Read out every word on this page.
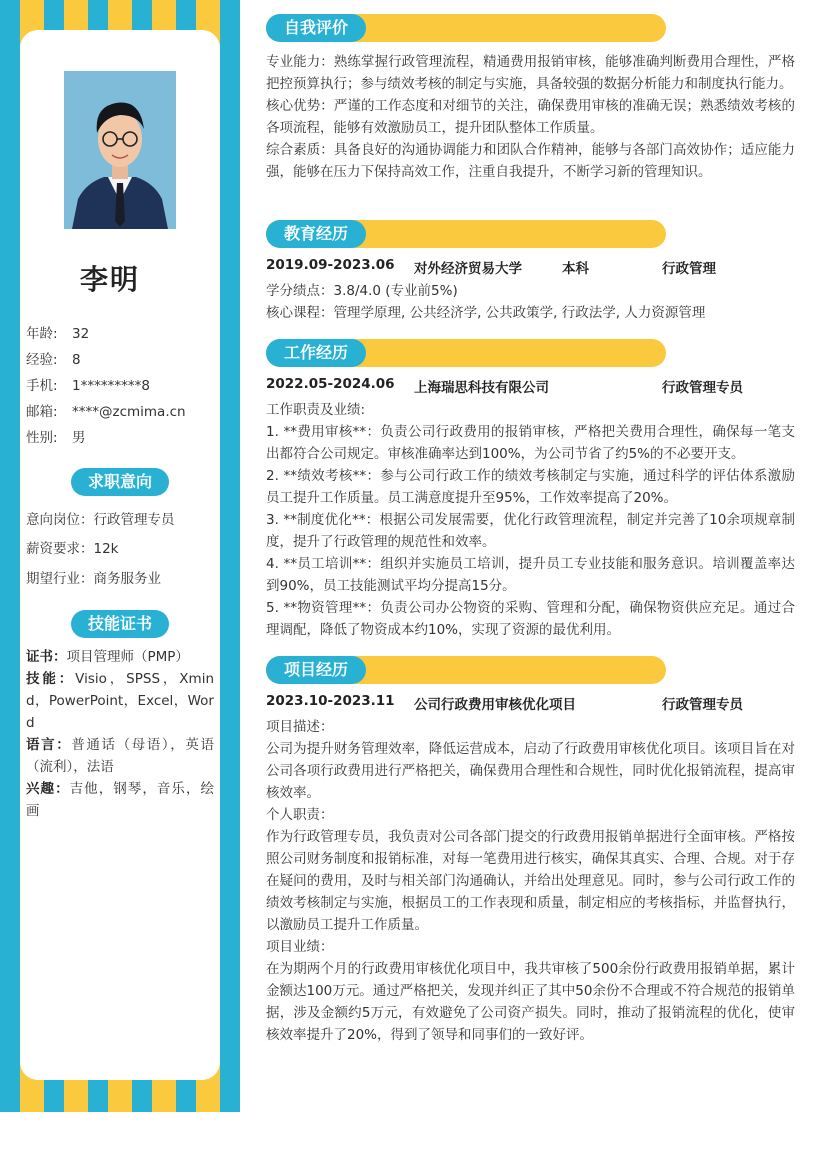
李明
年龄: 32
经验: 8
手机: 1*********8
邮箱: ****@zcmima.cn
性别: 男
求职意向
意向岗位：行政管理专员
薪资要求：12k
期望行业：商务服务业
技能证书
证书：项目管理师（PMP）
技能：Visio，SPSS，Xmind，PowerPoint，Excel，Word
语言：普通话（母语），英语（流利），法语
兴趣：吉他，钢琴，音乐，绘画
自我评价

专业能力：熟练掌握行政管理流程，精通费用报销审核，能够准确判断费用合理性，严格把控预算执行；参与绩效考核的制定与实施，具备较强的数据分析能力和制度执行能力。

核心优势：严谨的工作态度和对细节的关注，确保费用审核的准确无误；熟悉绩效考核的各项流程，能够有效激励员工，提升团队整体工作质量。

综合素质：具备良好的沟通协调能力和团队合作精神，能够与各部门高效协作；适应能力强，能够在压力下保持高效工作，注重自我提升，不断学习新的管理知识。

教育经历
2019.09-2023.06 对外经济贸易大学	本科	行政管理

学分绩点：3.8/4.0 (专业前5%)

核心课程：管理学原理, 公共经济学, 公共政策学, 行政法学, 人力资源管理

工作经历
2022.05-2024.06 上海瑞思科技有限公司	行政管理专员

工作职责及业绩:

1. **费用审核**：负责公司行政费用的报销审核，严格把关费用合理性，确保每一笔支出都符合公司规定。审核准确率达到100%，为公司节省了约5%的不必要开支。

2. **绩效考核**：参与公司行政工作的绩效考核制定与实施，通过科学的评估体系激励员工提升工作质量。员工满意度提升至95%，工作效率提高了20%。

3. **制度优化**：根据公司发展需要，优化行政管理流程，制定并完善了10余项规章制度，提升了行政管理的规范性和效率。

4. **员工培训**：组织并实施员工培训，提升员工专业技能和服务意识。培训覆盖率达到90%，员工技能测试平均分提高15分。

5. **物资管理**：负责公司办公物资的采购、管理和分配，确保物资供应充足。通过合理调配，降低了物资成本约10%，实现了资源的最优利用。

项目经历
2023.10-2023.11 公司行政费用审核优化项目	行政管理专员

项目描述：

公司为提升财务管理效率，降低运营成本，启动了行政费用审核优化项目。该项目旨在对公司各项行政费用进行严格把关，确保费用合理性和合规性，同时优化报销流程，提高审核效率。

个人职责：

作为行政管理专员，我负责对公司各部门提交的行政费用报销单据进行全面审核。严格按照公司财务制度和报销标准，对每一笔费用进行核实，确保其真实、合理、合规。对于存在疑问的费用，及时与相关部门沟通确认，并给出处理意见。同时，参与公司行政工作的绩效考核制定与实施，根据员工的工作表现和质量，制定相应的考核指标，并监督执行，以激励员工提升工作质量。

项目业绩：

在为期两个月的行政费用审核优化项目中，我共审核了500余份行政费用报销单据，累计金额达100万元。通过严格把关，发现并纠正了其中50余份不合理或不符合规范的报销单据，涉及金额约5万元，有效避免了公司资产损失。同时，推动了报销流程的优化，使审核效率提升了20%，得到了领导和同事们的一致好评。
